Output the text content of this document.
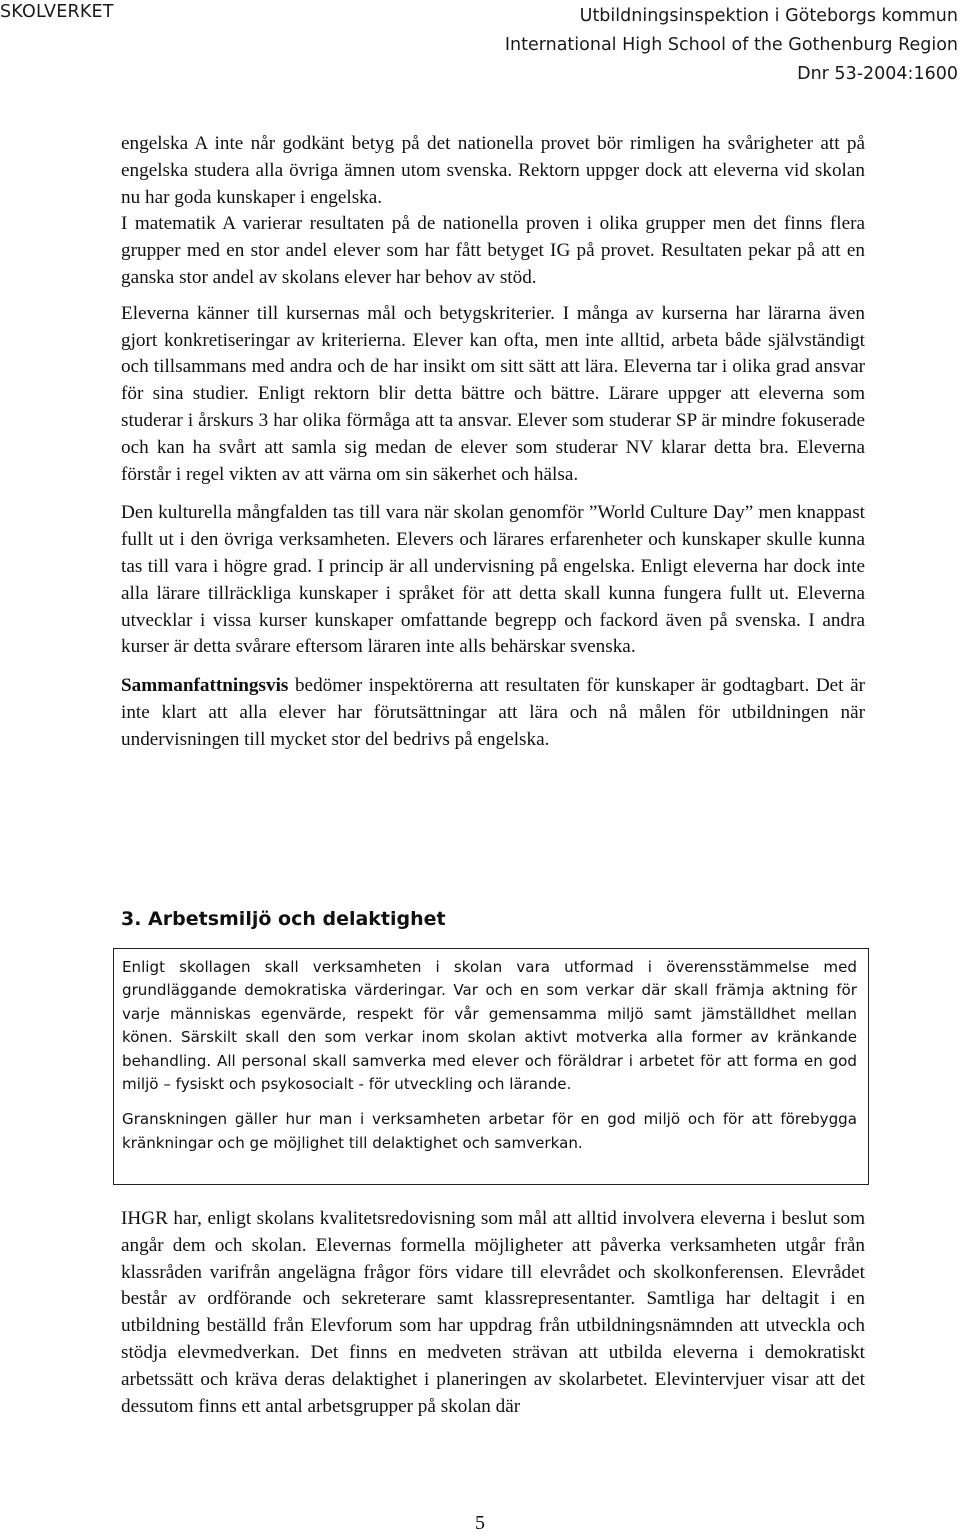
SKOLVERKET	Utbildningsinspektion i Göteborgs kommun
International High School of the Gothenburg Region
Dnr 53-2004:1600

engelska A inte når godkänt betyg på det nationella provet bör rimligen ha svårigheter att på engelska studera alla övriga ämnen utom svenska. Rektorn uppger dock att eleverna vid skolan nu har goda kunskaper i engelska.

I matematik A varierar resultaten på de nationella proven i olika grupper men det finns flera grupper med en stor andel elever som har fått betyget IG på provet. Resultaten pekar på att en ganska stor andel av skolans elever har behov av stöd.

Eleverna känner till kursernas mål och betygskriterier. I många av kurserna har lärarna även gjort konkretiseringar av kriterierna. Elever kan ofta, men inte alltid, arbeta både självständigt och tillsammans med andra och de har insikt om sitt sätt att lära. Eleverna tar i olika grad ansvar för sina studier. Enligt rektorn blir detta bättre och bättre. Lärare uppger att eleverna som studerar i årskurs 3 har olika förmåga att ta ansvar. Elever som studerar SP är mindre fokuserade och kan ha svårt att samla sig medan de elever som studerar NV klarar detta bra. Eleverna förstår i regel vikten av att värna om sin säkerhet och hälsa.

Den kulturella mångfalden tas till vara när skolan genomför ”World Culture Day” men knappast fullt ut i den övriga verksamheten. Elevers och lärares erfarenheter och kunskaper skulle kunna tas till vara i högre grad. I princip är all undervisning på engelska. Enligt eleverna har dock inte alla lärare tillräckliga kunskaper i språket för att detta skall kunna fungera fullt ut. Eleverna utvecklar i vissa kurser kunskaper omfattande begrepp och fackord även på svenska. I andra kurser är detta svårare eftersom läraren inte alls behärskar svenska.

Sammanfattningsvis bedömer inspektörerna att resultaten för kunskaper är godtagbart. Det är inte klart att alla elever har förutsättningar att lära och nå målen för utbildningen när undervisningen till mycket stor del bedrivs på engelska.

3. Arbetsmiljö och delaktighet

Enligt skollagen skall verksamheten i skolan vara utformad i överensstämmelse med grundläggande demokratiska värderingar. Var och en som verkar där skall främja aktning för varje människas egenvärde, respekt för vår gemensamma miljö samt jämställdhet mellan könen. Särskilt skall den som verkar inom skolan aktivt motverka alla former av kränkande behandling. All personal skall samverka med elever och föräldrar i arbetet för att forma en god miljö – fysiskt och psykosocialt - för utveckling och lärande.

Granskningen gäller hur man i verksamheten arbetar för en god miljö och för att förebygga kränkningar och ge möjlighet till delaktighet och samverkan.

IHGR har, enligt skolans kvalitetsredovisning som mål att alltid involvera eleverna i beslut som angår dem och skolan. Elevernas formella möjligheter att påverka verksamheten utgår från klassråden varifrån angelägna frågor förs vidare till elevrådet och skolkonferensen. Elevrådet består av ordförande och sekreterare samt klassrepresentanter. Samtliga har deltagit i en utbildning beställd från Elevforum som har uppdrag från utbildningsnämnden att utveckla och stödja elevmedverkan. Det finns en medveten strävan att utbilda eleverna i demokratiskt arbetssätt och kräva deras delaktighet i planeringen av skolarbetet. Elevintervjuer visar att det dessutom finns ett antal arbetsgrupper på skolan där

5
